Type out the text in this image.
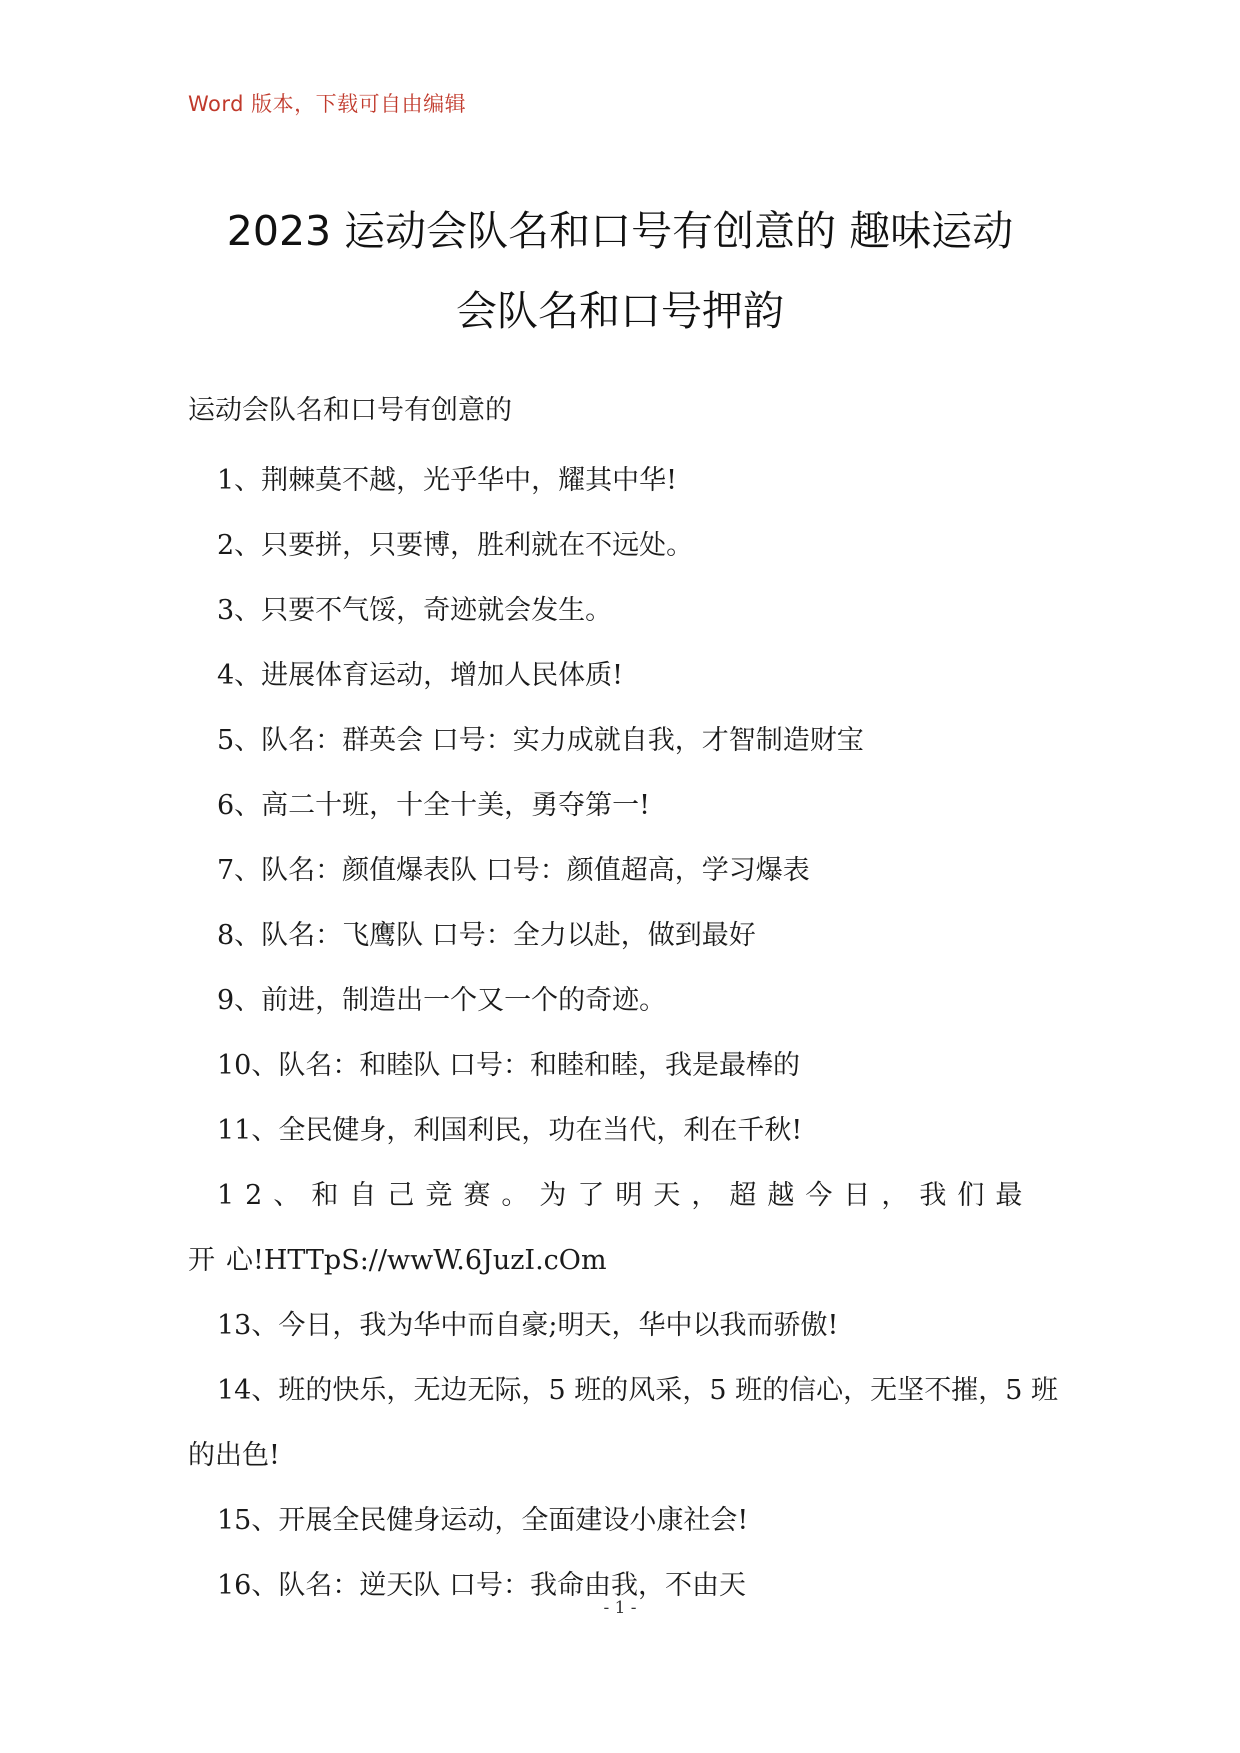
Word 版本，下载可自由编辑
2023 运动会队名和口号有创意的 趣味运动
会队名和口号押韵
运动会队名和口号有创意的
1、荆棘莫不越，光乎华中，耀其中华!
2、只要拼，只要博，胜利就在不远处。
3、只要不气馁，奇迹就会发生。
4、进展体育运动，增加人民体质!
5、队名：群英会 口号：实力成就自我，才智制造财宝
6、高二十班，十全十美，勇夺第一!
7、队名：颜值爆表队 口号：颜值超高，学习爆表
8、队名：飞鹰队 口号：全力以赴，做到最好
9、前进，制造出一个又一个的奇迹。
10、队名：和睦队 口号：和睦和睦，我是最棒的
11、全民健身，利国利民，功在当代，利在千秋!
12、和自己竞赛。为了明天，超越今日，我们最开心!HTTpS://wwW.6JuzI.cOm
13、今日，我为华中而自豪;明天，华中以我而骄傲!
14、班的快乐，无边无际，5 班的风采，5 班的信心，无坚不摧，5 班的出色!
15、开展全民健身运动，全面建设小康社会!
16、队名：逆天队 口号：我命由我，不由天
- 1 -
